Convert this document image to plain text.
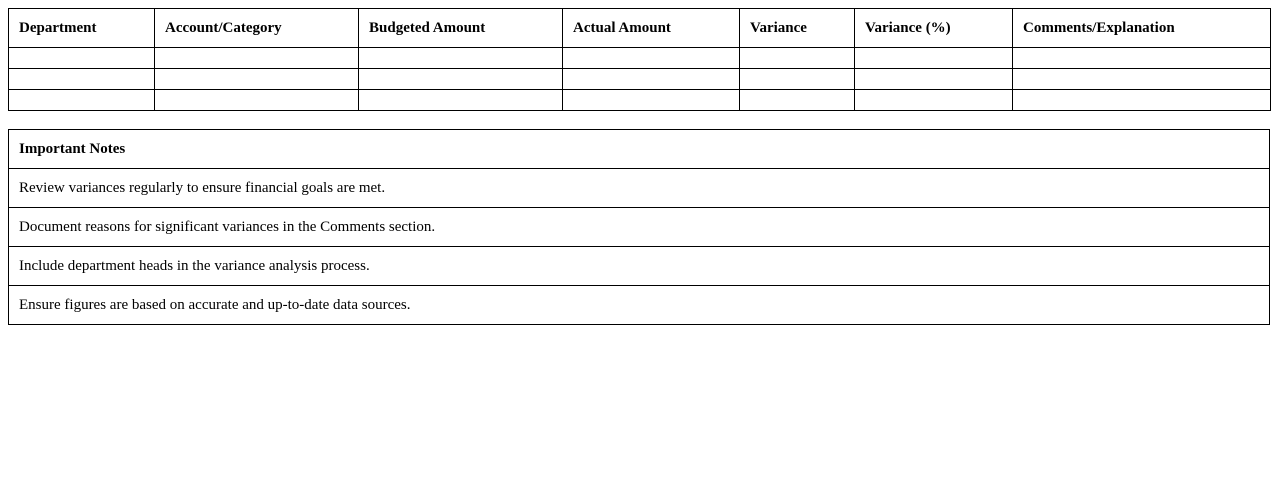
Department	Account/Category	Budgeted Amount	Actual Amount	Variance	Variance (%)	Comments/Explanation

Important Notes
Review variances regularly to ensure financial goals are met.
Document reasons for significant variances in the Comments section.
Include department heads in the variance analysis process.
Ensure figures are based on accurate and up-to-date data sources.
